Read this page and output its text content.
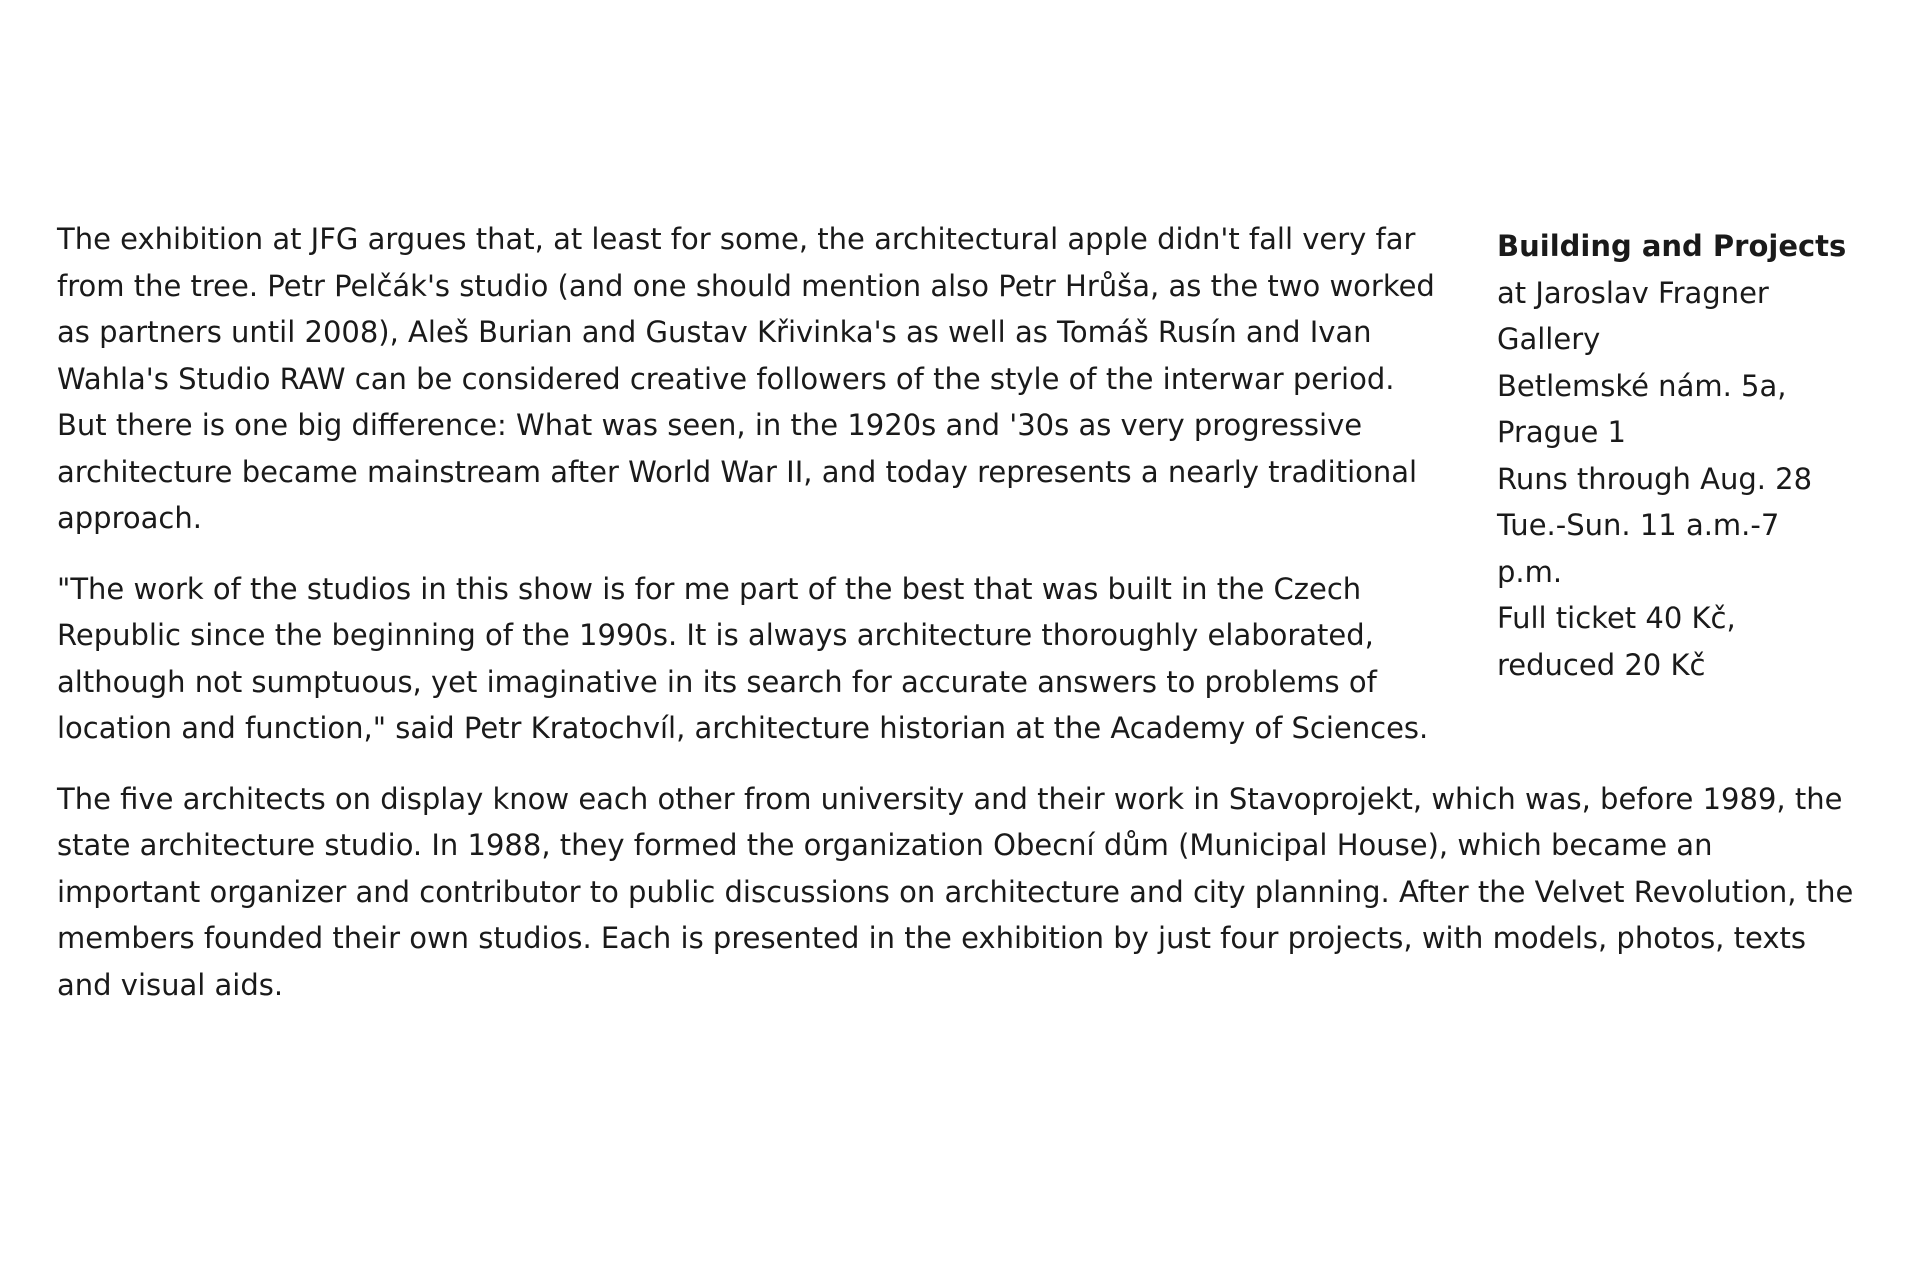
The exhibition at JFG argues that, at least for some, the architectural apple didn't fall very far from the tree. Petr Pelčák's studio (and one should mention also Petr Hrůša, as the two worked as partners until 2008), Aleš Burian and Gustav Křivinka's as well as Tomáš Rusín and Ivan Wahla's Studio RAW can be considered creative followers of the style of the interwar period. But there is one big difference: What was seen, in the 1920s and '30s as very progressive architecture became mainstream after World War II, and today represents a nearly traditional approach.

"The work of the studios in this show is for me part of the best that was built in the Czech Republic since the beginning of the 1990s. It is always architecture thoroughly elaborated, although not sumptuous, yet imaginative in its search for accurate answers to problems of location and function," said Petr Kratochvíl, architecture historian at the Academy of Sciences.

Building and Projects

at Jaroslav Fragner Gallery

Betlemské nám. 5a, Prague 1

Runs through Aug. 28

Tue.-Sun. 11 a.m.-7 p.m.

Full ticket 40 Kč, reduced 20 Kč

The five architects on display know each other from university and their work in Stavoprojekt, which was, before 1989, the state architecture studio. In 1988, they formed the organization Obecní dům (Municipal House), which became an important organizer and contributor to public discussions on architecture and city planning. After the Velvet Revolution, the members founded their own studios. Each is presented in the exhibition by just four projects, with models, photos, texts and visual aids.
